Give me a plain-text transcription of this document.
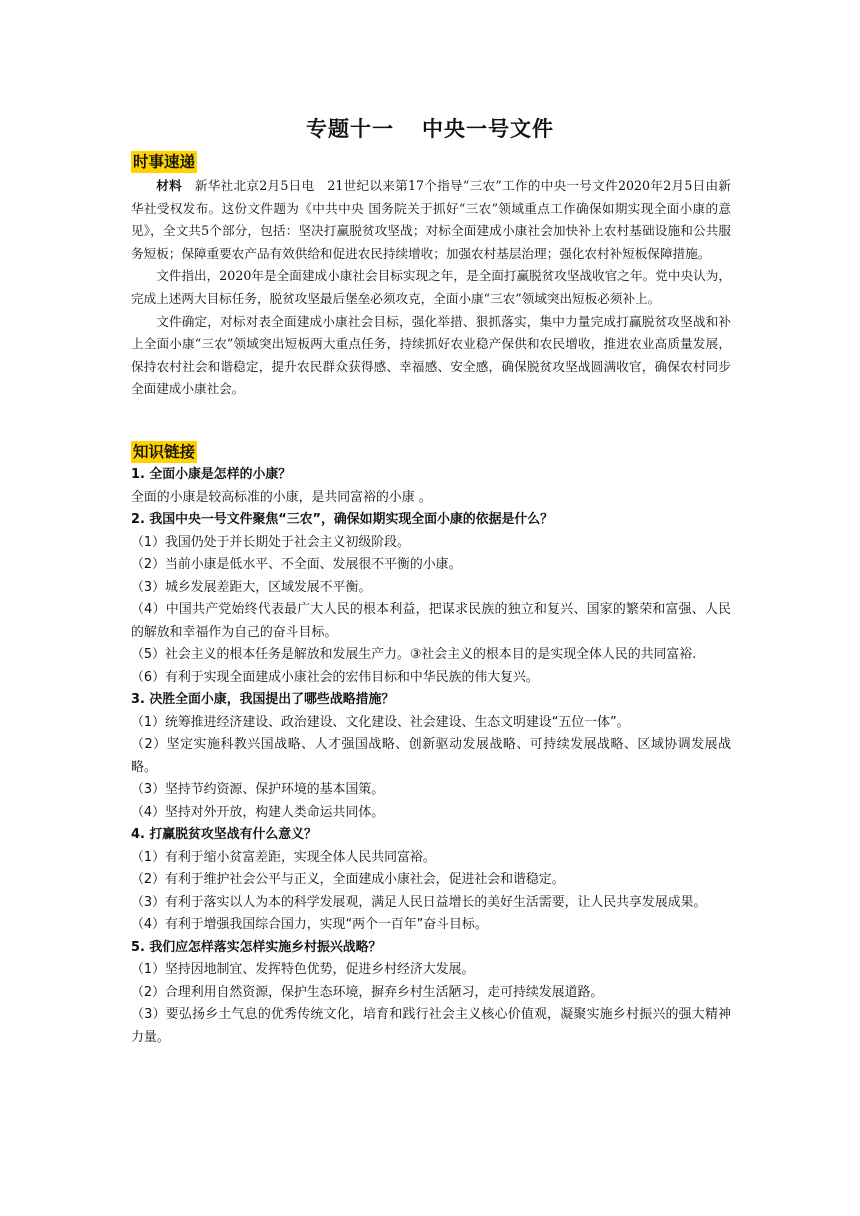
专题十一 中央一号文件
时事速递

材料　 新华社北京2月5日电　21世纪以来第17个指导“三农”工作的中央一号文件2020年2月5日由新华社受权发布。这份文件题为《中共中央 国务院关于抓好“三农”领域重点工作确保如期实现全面小康的意见》，全文共5个部分，包括：坚决打赢脱贫攻坚战；对标全面建成小康社会加快补上农村基础设施和公共服务短板；保障重要农产品有效供给和促进农民持续增收；加强农村基层治理；强化农村补短板保障措施。

文件指出，2020年是全面建成小康社会目标实现之年，是全面打赢脱贫攻坚战收官之年。党中央认为，完成上述两大目标任务，脱贫攻坚最后堡垒必须攻克，全面小康“三农”领域突出短板必须补上。

文件确定，对标对表全面建成小康社会目标，强化举措、狠抓落实，集中力量完成打赢脱贫攻坚战和补上全面小康“三农”领域突出短板两大重点任务，持续抓好农业稳产保供和农民增收，推进农业高质量发展，保持农村社会和谐稳定，提升农民群众获得感、幸福感、安全感，确保脱贫攻坚战圆满收官，确保农村同步全面建成小康社会。

知识链接

1. 全面小康是怎样的小康？

全面的小康是较高标准的小康，是共同富裕的小康 。

2. 我国中央一号文件聚焦“三农”，确保如期实现全面小康的依据是什么？

（1）我国仍处于并长期处于社会主义初级阶段。

（2）当前小康是低水平、不全面、发展很不平衡的小康。

（3）城乡发展差距大，区域发展不平衡。

（4）中国共产党始终代表最广大人民的根本利益，把谋求民族的独立和复兴、国家的繁荣和富强、人民的解放和幸福作为自己的奋斗目标。

（5）社会主义的根本任务是解放和发展生产力。③社会主义的根本目的是实现全体人民的共同富裕.

（6）有利于实现全面建成小康社会的宏伟目标和中华民族的伟大复兴。

3. 决胜全面小康，我国提出了哪些战略措施？

（1）统筹推进经济建设、政治建设、文化建设、社会建设、生态文明建设“五位一体”。

（2）坚定实施科教兴国战略、人才强国战略、创新驱动发展战略、可持续发展战略、区域协调发展战略。

（3）坚持节约资源、保护环境的基本国策。

（4）坚持对外开放，构建人类命运共同体。

4. 打赢脱贫攻坚战有什么意义？

（1）有利于缩小贫富差距，实现全体人民共同富裕。

（2）有利于维护社会公平与正义，全面建成小康社会，促进社会和谐稳定。

（3）有利于落实以人为本的科学发展观，满足人民日益增长的美好生活需要，让人民共享发展成果。

（4）有利于增强我国综合国力，实现“两个一百年”奋斗目标。

5. 我们应怎样落实怎样实施乡村振兴战略？

（1）坚持因地制宜、发挥特色优势，促进乡村经济大发展。

（2）合理利用自然资源，保护生态环境，摒弃乡村生活陋习，走可持续发展道路。

（3）要弘扬乡土气息的优秀传统文化，培育和践行社会主义核心价值观，凝聚实施乡村振兴的强大精神力量。
